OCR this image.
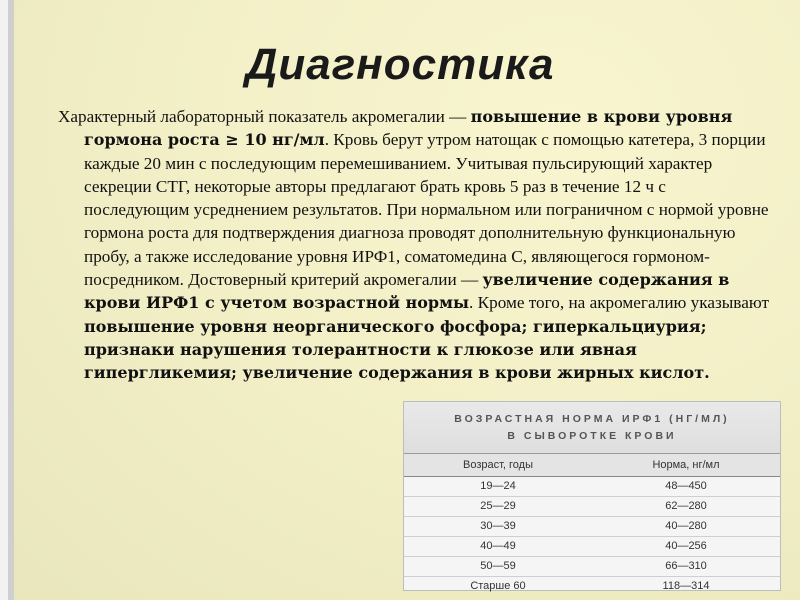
Диагностика
Характерный лабораторный показатель акромегалии — повышение в крови уровня гормона роста ≥ 10 нг/мл. Кровь берут утром натощак с помощью катетера, 3 порции каждые 20 мин с последующим перемешиванием. Учитывая пульсирующий характер секреции СТГ, некоторые авторы предлагают брать кровь 5 раз в течение 12 ч с последующим усреднением результатов. При нормальном или пограничном с нормой уровне гормона роста для подтверждения диагноза проводят дополнительную функциональную пробу, а также исследование уровня ИРФ1, соматомедина С, являющегося гормоном-посредником. Достоверный критерий акромегалии — увеличение содержания в крови ИРФ1 с учетом возрастной нормы. Кроме того, на акромегалию указывают повышение уровня неорганического фосфора; гиперкальциурия; признаки нарушения толерантности к глюкозе или явная гипергликемия; увеличение содержания в крови жирных кислот.
ВОЗРАСТНАЯ НОРМА ИРФ1 (НГ/МЛ)
В СЫВОРОТКЕ КРОВИ
Возраст, годы	Норма, нг/мл
19—24	48—450
25—29	62—280
30—39	40—280
40—49	40—256
50—59	66—310
Старше 60	118—314
